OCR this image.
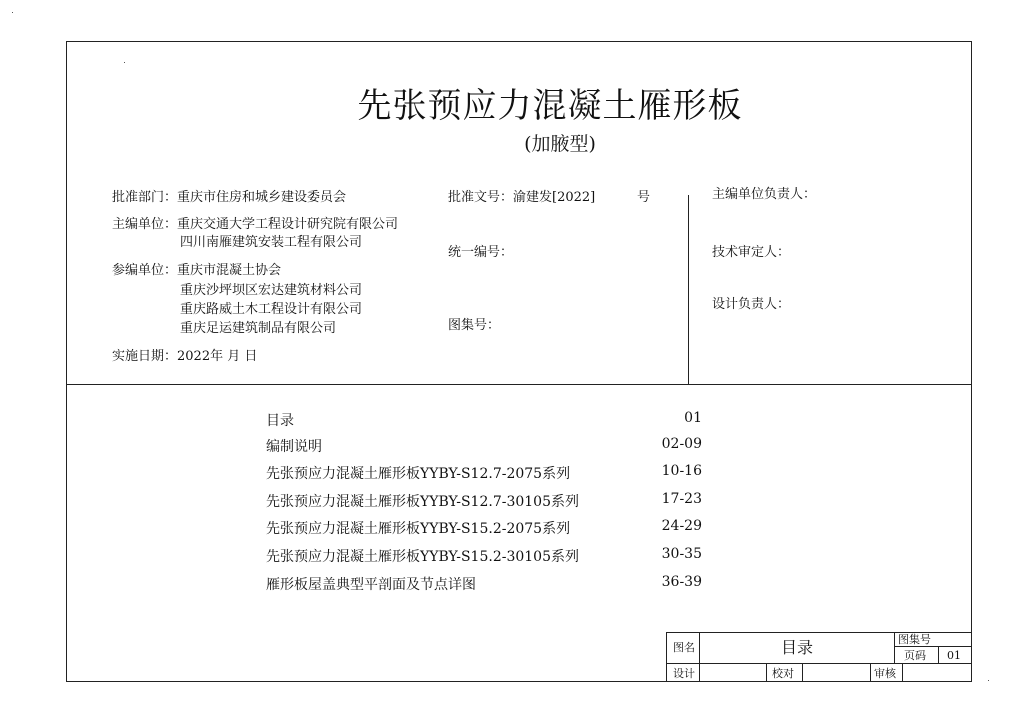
先张预应力混凝土雁形板
(加腋型)
批准部门：重庆市住房和城乡建设委员会
主编单位：重庆交通大学工程设计研究院有限公司
四川南雁建筑安装工程有限公司
参编单位：重庆市混凝土协会
重庆沙坪坝区宏达建筑材料公司
重庆路威土木工程设计有限公司
重庆足运建筑制品有限公司
实施日期：2022年 月 日
批准文号：渝建发[2022]	号
统一编号：
图集号：
主编单位负责人：
技术审定人：
设计负责人：
目录	01
编制说明	02-09
先张预应力混凝土雁形板YYBY-S12.7-2075系列	10-16
先张预应力混凝土雁形板YYBY-S12.7-30105系列	17-23
先张预应力混凝土雁形板YYBY-S15.2-2075系列	24-29
先张预应力混凝土雁形板YYBY-S15.2-30105系列	30-35
雁形板屋盖典型平剖面及节点详图	36-39
图名	目录	图集号
页码 01
设计	校对	审核
